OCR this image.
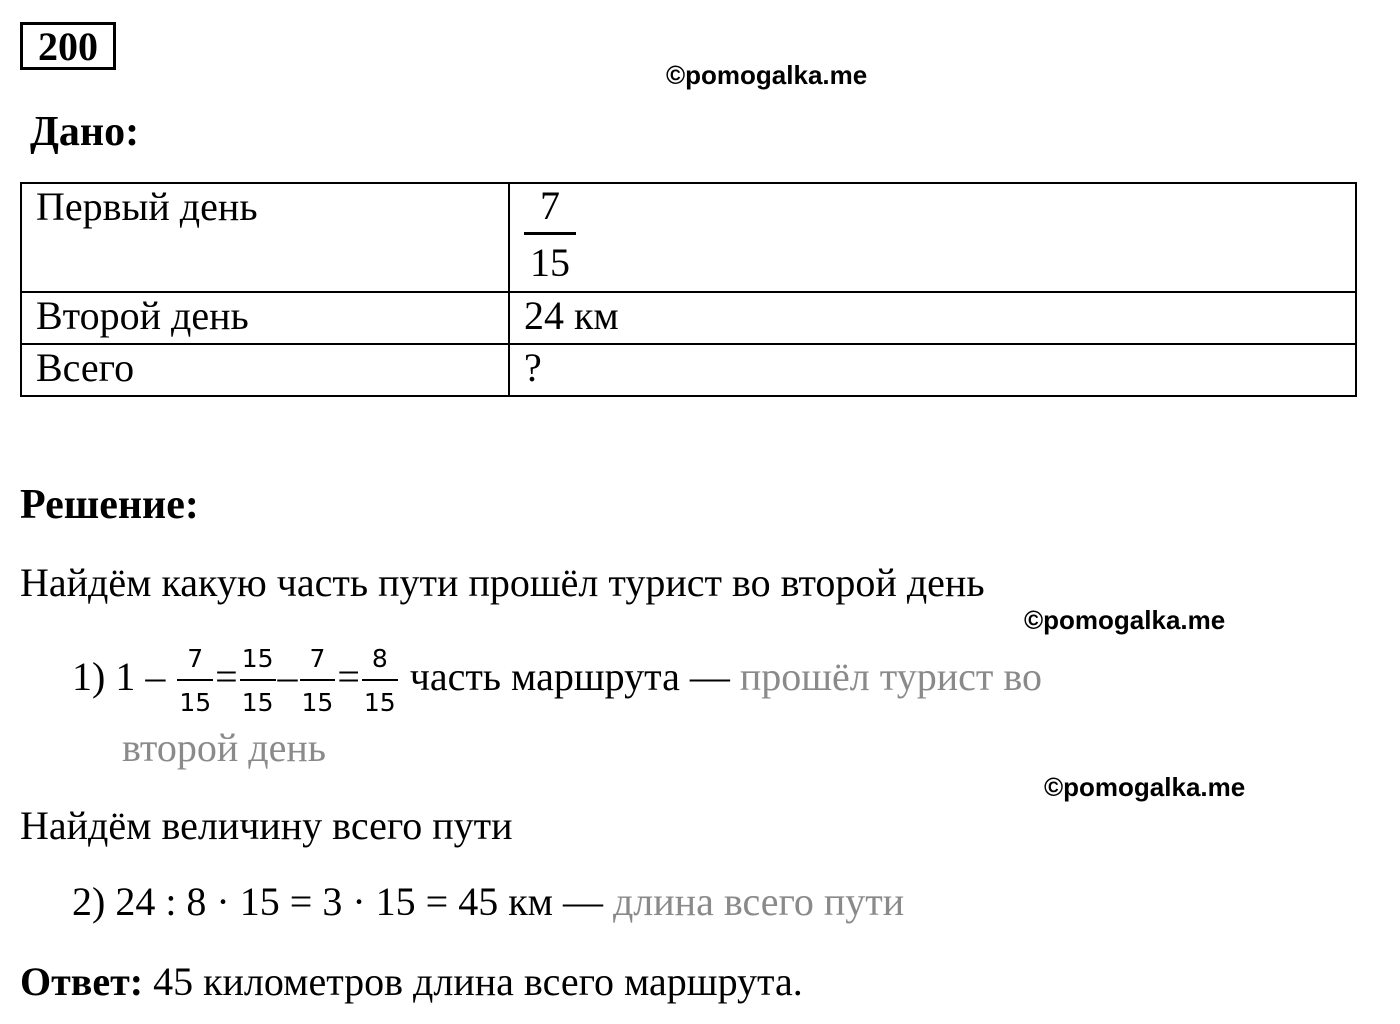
200
©pomogalka.me
Дано:
Первый день	$\frac{7}{15}$

Второй день	24 км
Всего	?
Решение:
Найдём какую часть пути прошёл турист во второй день
©pomogalka.me
1) $1 - \frac{7}{15} = \frac{15}{15} - \frac{7}{15} = \frac{8}{15}$ часть маршрута — прошёл турист во
второй день
©pomogalka.me
Найдём величину всего пути
2) 24 : 8 · 15 = 3 · 15 = 45 км — длина всего пути
Ответ: 45 километров длина всего маршрута.
